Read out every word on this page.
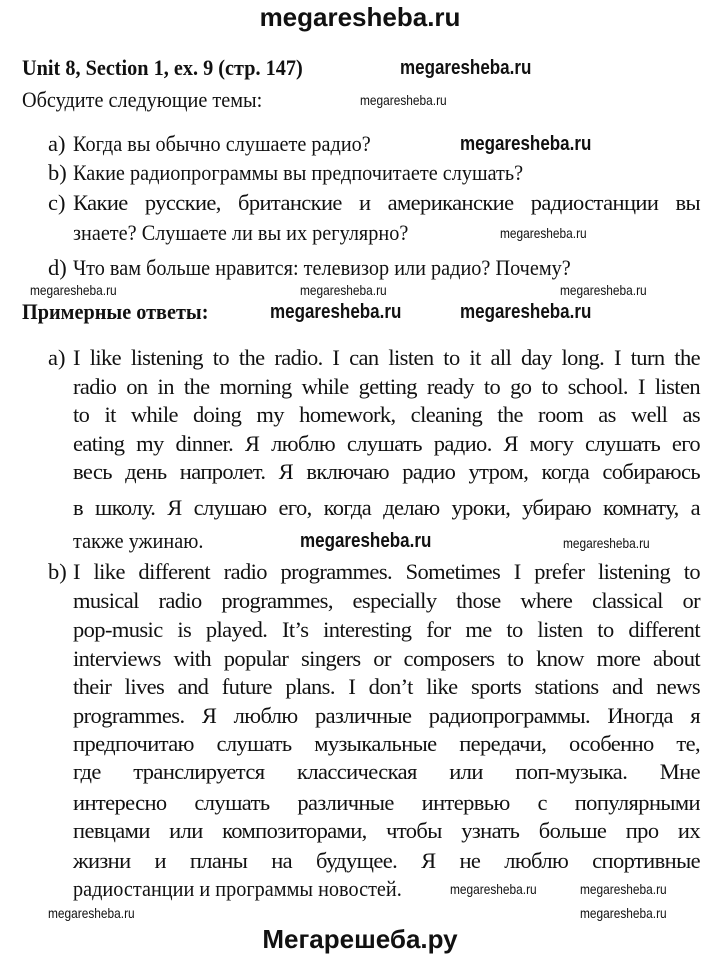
megaresheba.ru
Unit 8, Section 1, ex. 9 (стр. 147)
Обсудите следующие темы:
a) Когда вы обычно слушаете радио?
b) Какие радиопрограммы вы предпочитаете слушать?
c) Какие русские, британские и американские радиостанции вы
знаете? Слушаете ли вы их регулярно?
d) Что вам больше нравится: телевизор или радио? Почему?
Примерные ответы:
a) I like listening to the radio. I can listen to it all day long. I turn the
radio on in the morning while getting ready to go to school. I listen
to it while doing my homework, cleaning the room as well as
eating my dinner. Я люблю слушать радио. Я могу слушать его
весь день напролет. Я включаю радио утром, когда собираюсь
в школу. Я слушаю его, когда делаю уроки, убираю комнату, а
также ужинаю.
b) I like different radio programmes. Sometimes I prefer listening to
musical radio programmes, especially those where classical or
pop-music is played. It’s interesting for me to listen to different
interviews with popular singers or composers to know more about
their lives and future plans. I don’t like sports stations and news
programmes. Я люблю различные радиопрограммы. Иногда я
предпочитаю слушать музыкальные передачи, особенно те,
где транслируется классическая или поп-музыка. Мне
интересно слушать различные интервью с популярными
певцами или композиторами, чтобы узнать больше про их
жизни и планы на будущее. Я не люблю спортивные
радиостанции и программы новостей.
Мегарешеба.ру
megaresheba.ru
megaresheba.ru
megaresheba.ru	megaresheba.ru
megaresheba.ru
megaresheba.ru	megaresheba.ru
megaresheba.ru	megaresheba.ru
megaresheba.ru	megaresheba.ru
megaresheba.ru
megaresheba.ru
megaresheba.ru	megaresheba.ru
